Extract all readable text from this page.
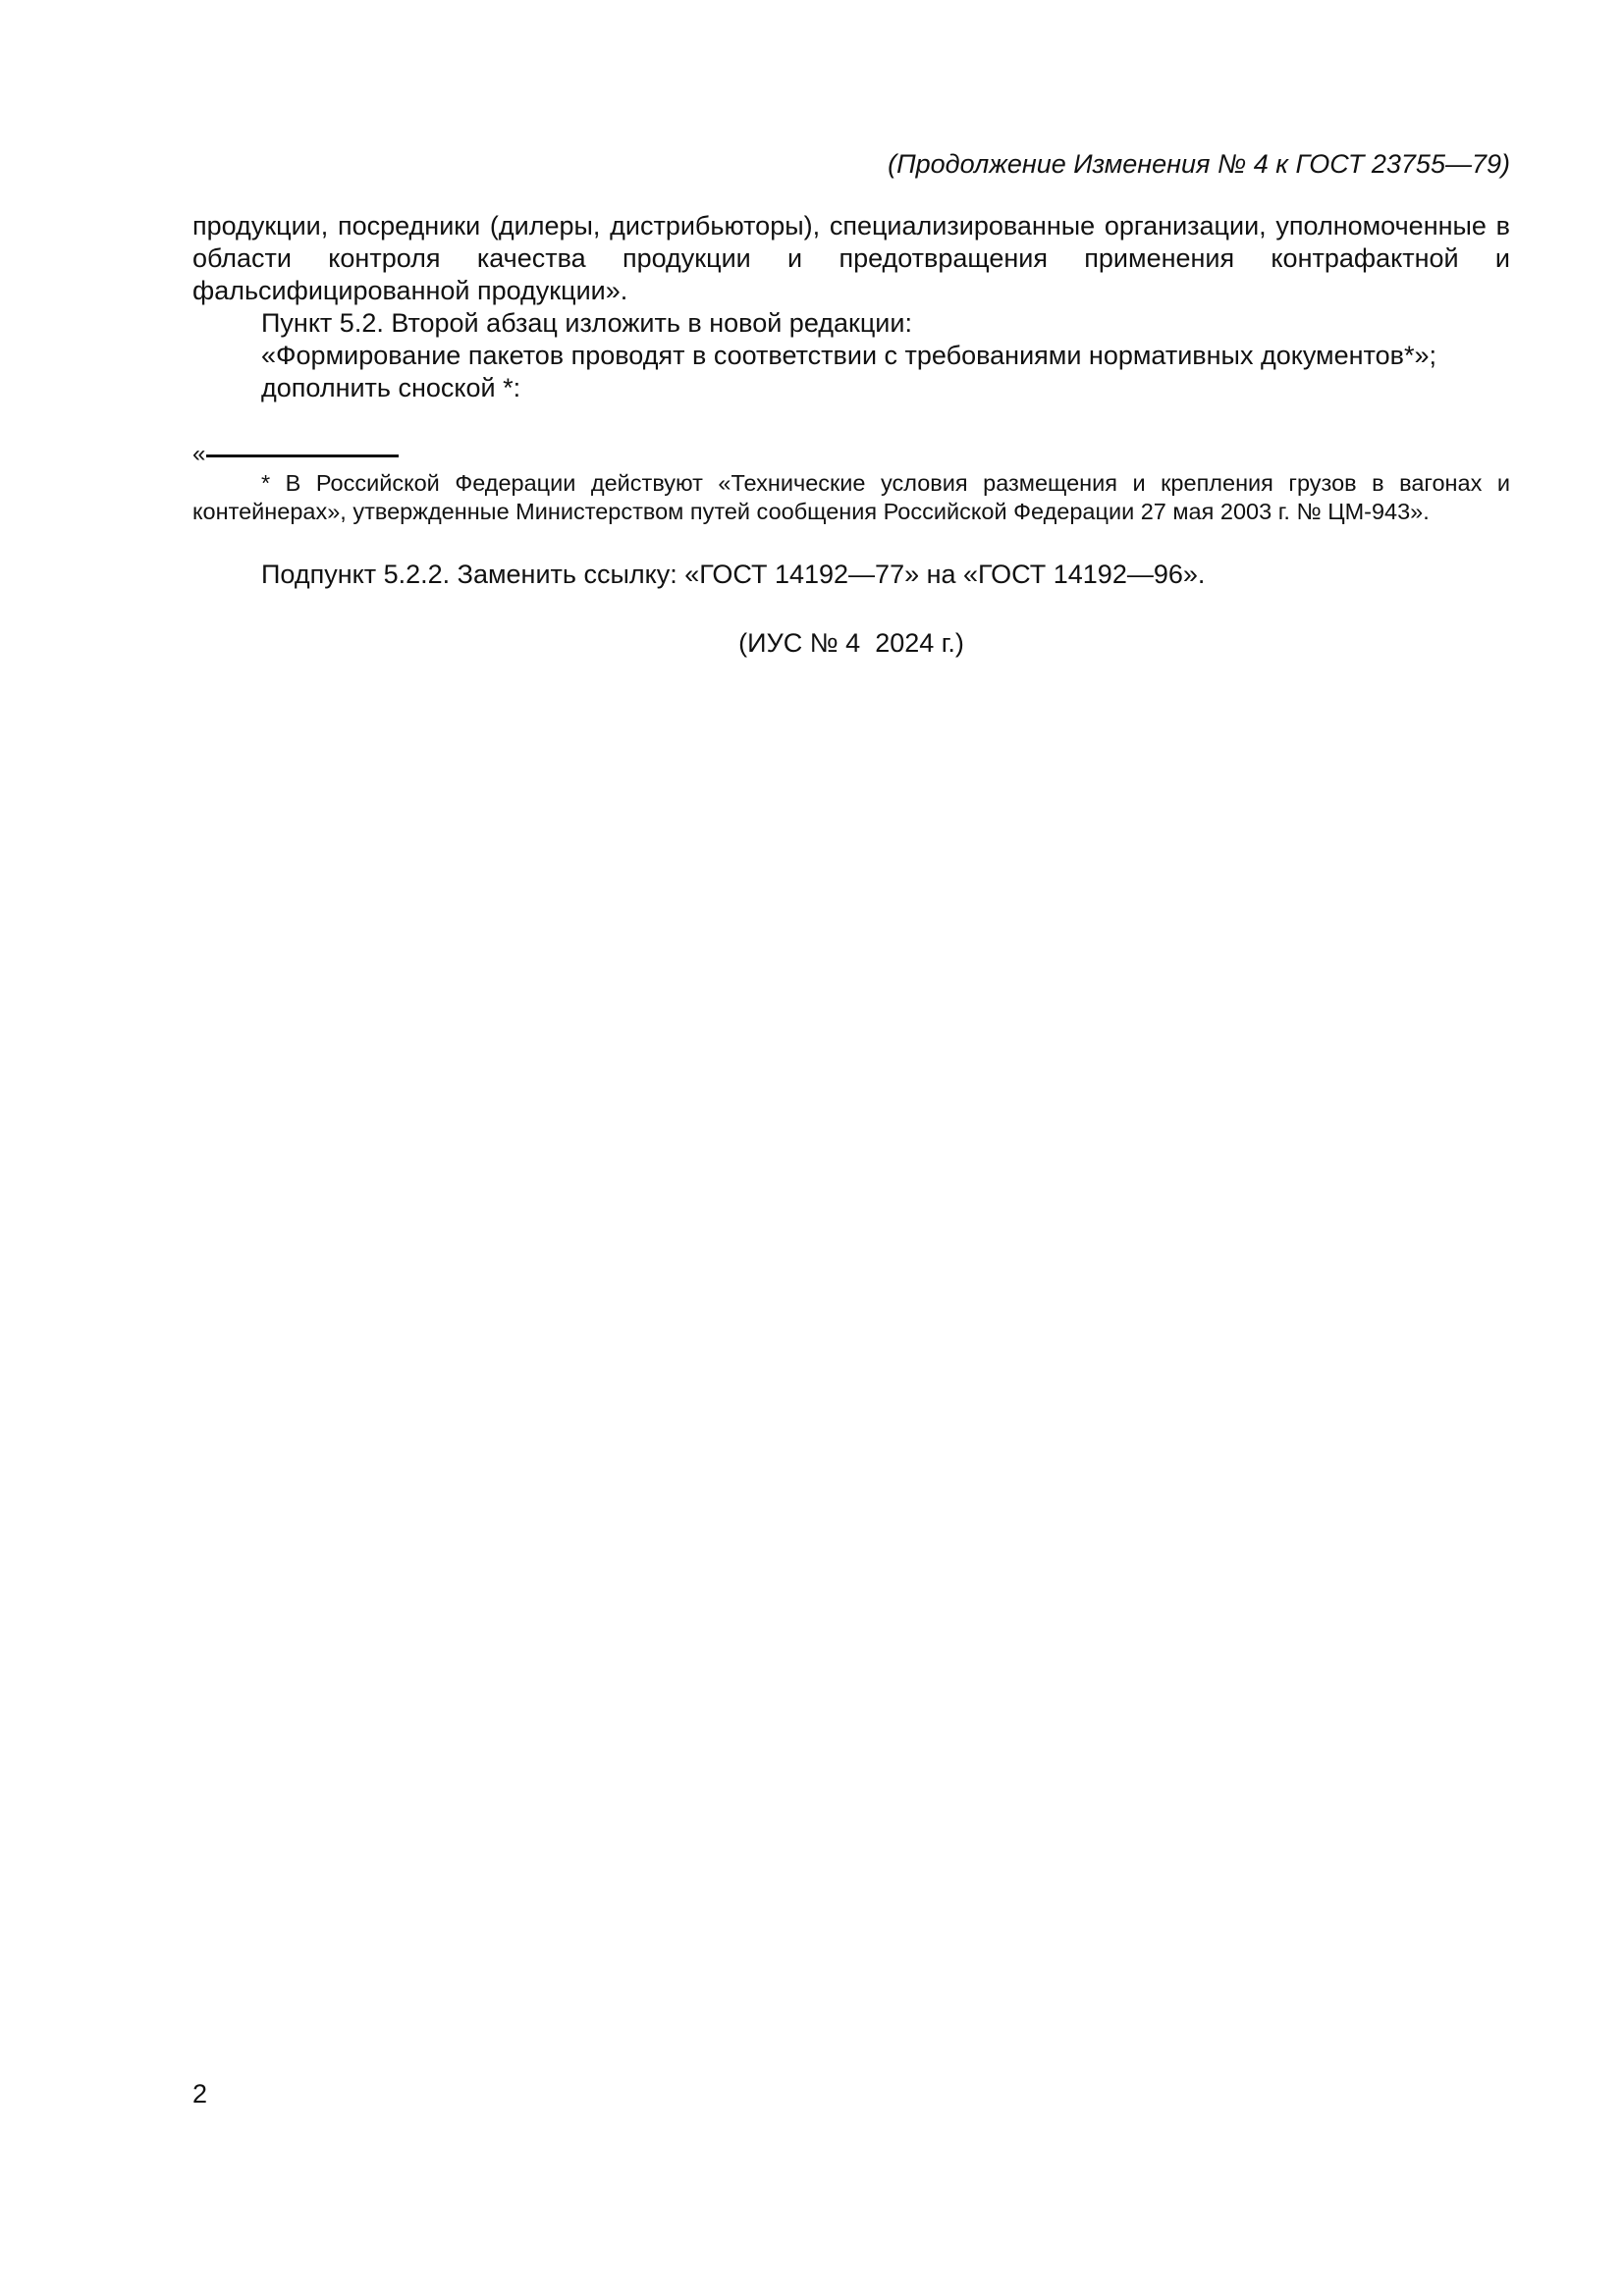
(Продолжение Изменения № 4 к ГОСТ 23755—79)

продукции, посредники (дилеры, дистрибьюторы), специализированные организации, уполномоченные в области контроля качества продукции и предотвращения применения контрафактной и фальсифицированной продукции».

Пункт 5.2. Второй абзац изложить в новой редакции:

«Формирование пакетов проводят в соответствии с требованиями нормативных документов*»;

дополнить сноской *:

«

* В Российской Федерации действуют «Технические условия размещения и крепления грузов в вагонах и контейнерах», утвержденные Министерством путей сообщения Российской Федерации 27 мая 2003 г. № ЦМ-943».

Подпункт 5.2.2. Заменить ссылку: «ГОСТ 14192—77» на «ГОСТ 14192—96».

(ИУС № 4  2024 г.)
2
